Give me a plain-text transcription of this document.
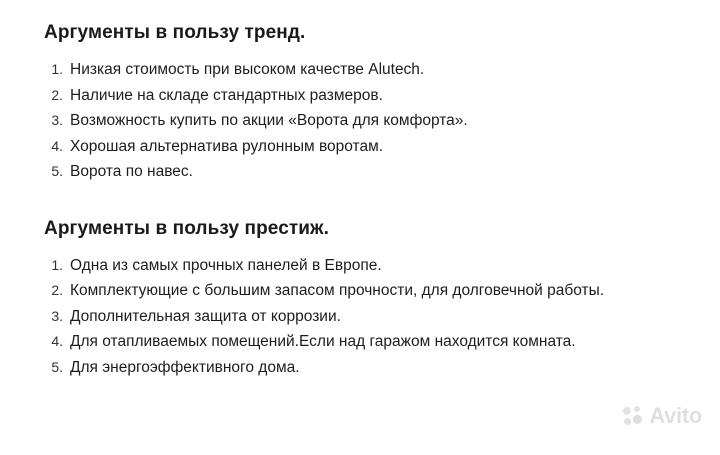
Аргументы в пользу тренд.
1. Низкая стоимость при высоком качестве Alutech.
2. Наличие на складе стандартных размеров.
3. Возможность купить по акции «Ворота для комфорта».
4. Хорошая альтернатива рулонным воротам.
5. Ворота по навес.
Аргументы в пользу престиж.
1. Одна из самых прочных панелей в Европе.
2. Комплектующие с большим запасом прочности, для долговечной работы.
3. Дополнительная защита от коррозии.
4. Для отапливаемых помещений.Если над гаражом находится комната.
5. Для энергоэффективного дома.
Avito
